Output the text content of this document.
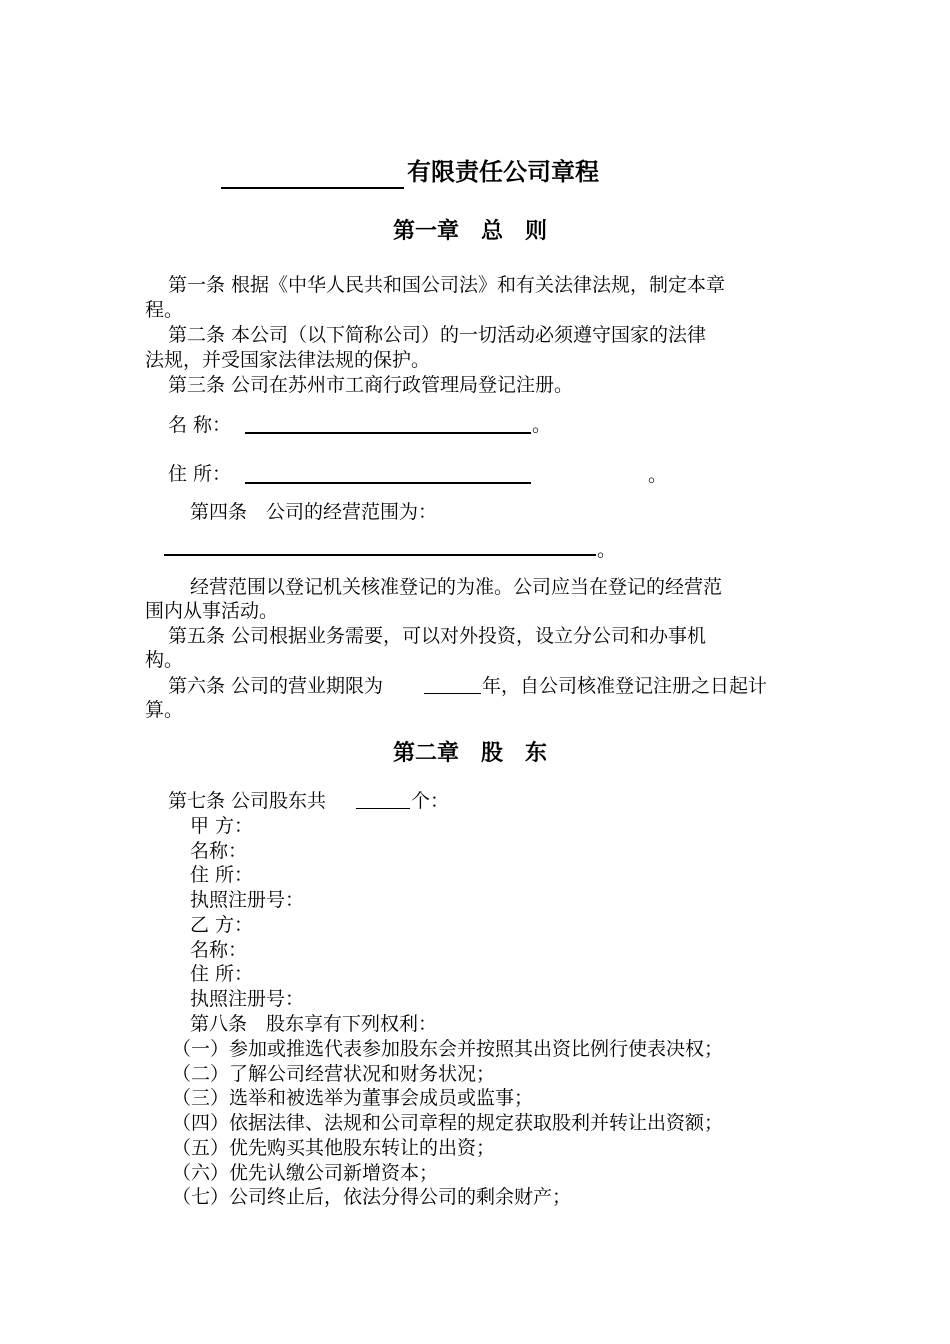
有限责任公司章程
第一章　总　则
第一条 根据《中华人民共和国公司法》和有关法律法规，制定本章
程。
第二条 本公司（以下简称公司）的一切活动必须遵守国家的法律
法规，并受国家法律法规的保护。
第三条 公司在苏州市工商行政管理局登记注册。
名 称：	。
住 所：	。
第四条　公司的经营范围为：
。
经营范围以登记机关核准登记的为准。公司应当在登记的经营范
围内从事活动。
第五条 公司根据业务需要，可以对外投资，设立分公司和办事机
构。
第六条 公司的营业期限为	年，自公司核准登记注册之日起计
算。
第二章　股　东
第七条 公司股东共	个：
甲 方：
名称：
住 所：
执照注册号：
乙 方：
名称：
住 所：
执照注册号：
第八条　股东享有下列权利：
（一）参加或推选代表参加股东会并按照其出资比例行使表决权；
（二）了解公司经营状况和财务状况；
（三）选举和被选举为董事会成员或监事；
（四）依据法律、法规和公司章程的规定获取股利并转让出资额；
（五）优先购买其他股东转让的出资；
（六）优先认缴公司新增资本；
（七）公司终止后，依法分得公司的剩余财产；
